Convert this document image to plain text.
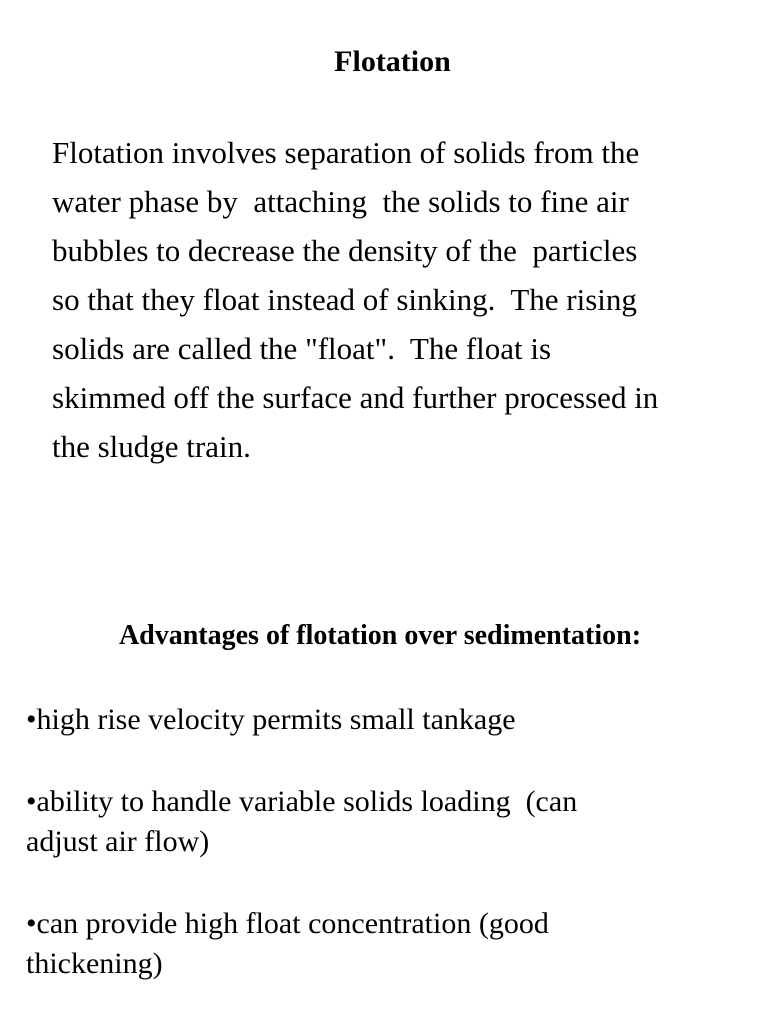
Flotation

Flotation involves separation of solids from the
water phase by  attaching  the solids to fine air
bubbles to decrease the density of the  particles
so that they float instead of sinking.  The rising
solids are called the "float".  The float is
skimmed off the surface and further processed in
the sludge train.

Advantages of flotation over sedimentation:
•high rise velocity permits small tankage
•ability to handle variable solids loading  (can
adjust air flow)
•can provide high float concentration (good
thickening)
